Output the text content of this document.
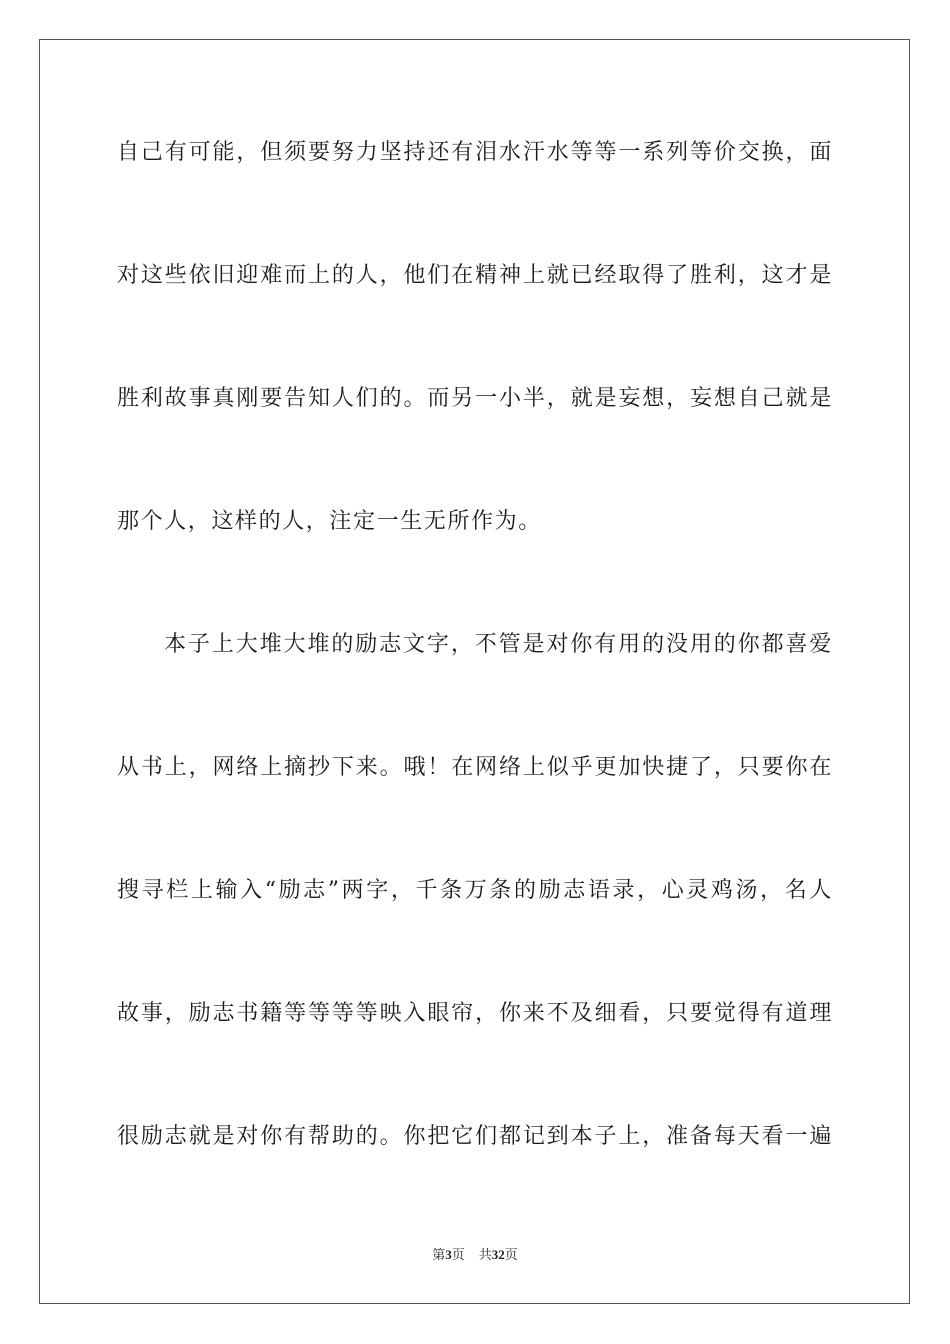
自己有可能，但须要努力坚持还有泪水汗水等等一系列等价交换，面
对这些依旧迎难而上的人，他们在精神上就已经取得了胜利，这才是
胜利故事真刚要告知人们的。而另一小半，就是妄想，妄想自己就是
那个人，这样的人，注定一生无所作为。
本子上大堆大堆的励志文字，不管是对你有用的没用的你都喜爱
从书上，网络上摘抄下来。哦！在网络上似乎更加快捷了，只要你在
搜寻栏上输入“励志”两字，千条万条的励志语录，心灵鸡汤，名人
故事，励志书籍等等等等映入眼帘，你来不及细看，只要觉得有道理
很励志就是对你有帮助的。你把它们都记到本子上，准备每天看一遍
第3页 共32页
